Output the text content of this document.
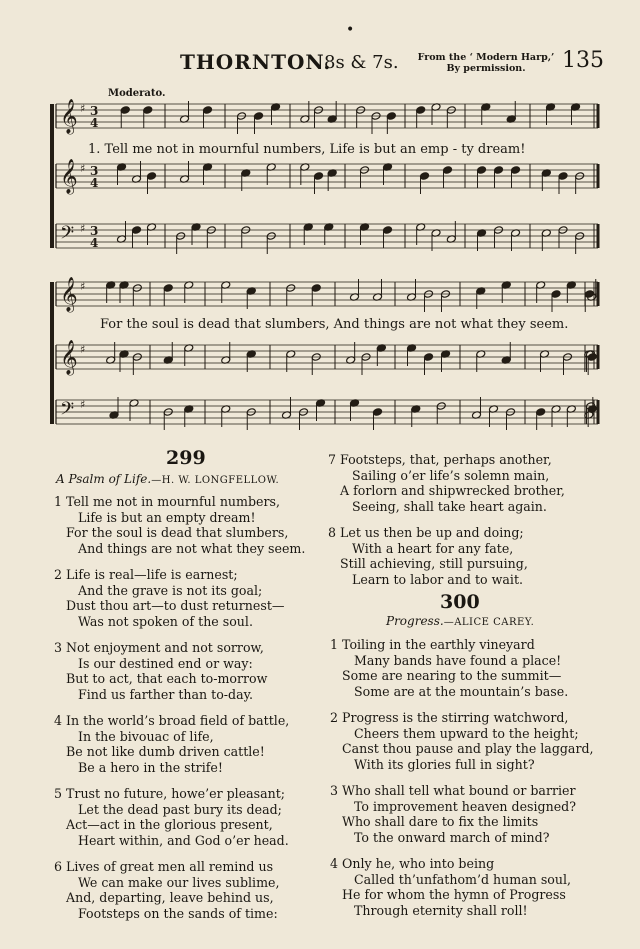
•
THORNTON.
8s & 7s. From the ‘ Modern Harp,’
By permission.	135
𝄞 ♯ 3
4
𝄞 ♯ 3
4
𝄢 ♯ 3
4
𝄞 ♯
𝄞 ♯
𝄢 ♯
Moderato.
1. Tell me not in mournful numbers, Life is but an emp - ty dream!
For the soul is dead that slumbers, And things are not what they seem.
299
A Psalm of Life.—H. W. LONGFELLOW.
1 Tell me not in mournful numbers,
Life is but an empty dream!
For the soul is dead that slumbers,
And things are not what they seem.
2 Life is real—life is earnest;
And the grave is not its goal;
Dust thou art—to dust returnest—
Was not spoken of the soul.
3 Not enjoyment and not sorrow,
Is our destined end or way:
But to act, that each to-morrow
Find us farther than to-day.
4 In the world’s broad field of battle,
In the bivouac of life,
Be not like dumb driven cattle!
Be a hero in the strife!
5 Trust no future, howe’er pleasant;
Let the dead past bury its dead;
Act—act in the glorious present,
Heart within, and God o’er head.
6 Lives of great men all remind us
We can make our lives sublime,
And, departing, leave behind us,
Footsteps on the sands of time:
7 Footsteps, that, perhaps another,
Sailing o’er life’s solemn main,
A forlorn and shipwrecked brother,
Seeing, shall take heart again.
8 Let us then be up and doing;
With a heart for any fate,
Still achieving, still pursuing,
Learn to labor and to wait.
300
Progress.—ALICE CAREY.
1 Toiling in the earthly vineyard
Many bands have found a place!
Some are nearing to the summit—
Some are at the mountain’s base.
2 Progress is the stirring watchword,
Cheers them upward to the height;
Canst thou pause and play the laggard,
With its glories full in sight?
3 Who shall tell what bound or barrier
To improvement heaven designed?
Who shall dare to fix the limits
To the onward march of mind?
4 Only he, who into being
Called th’unfathom’d human soul,
He for whom the hymn of Progress
Through eternity shall roll!
